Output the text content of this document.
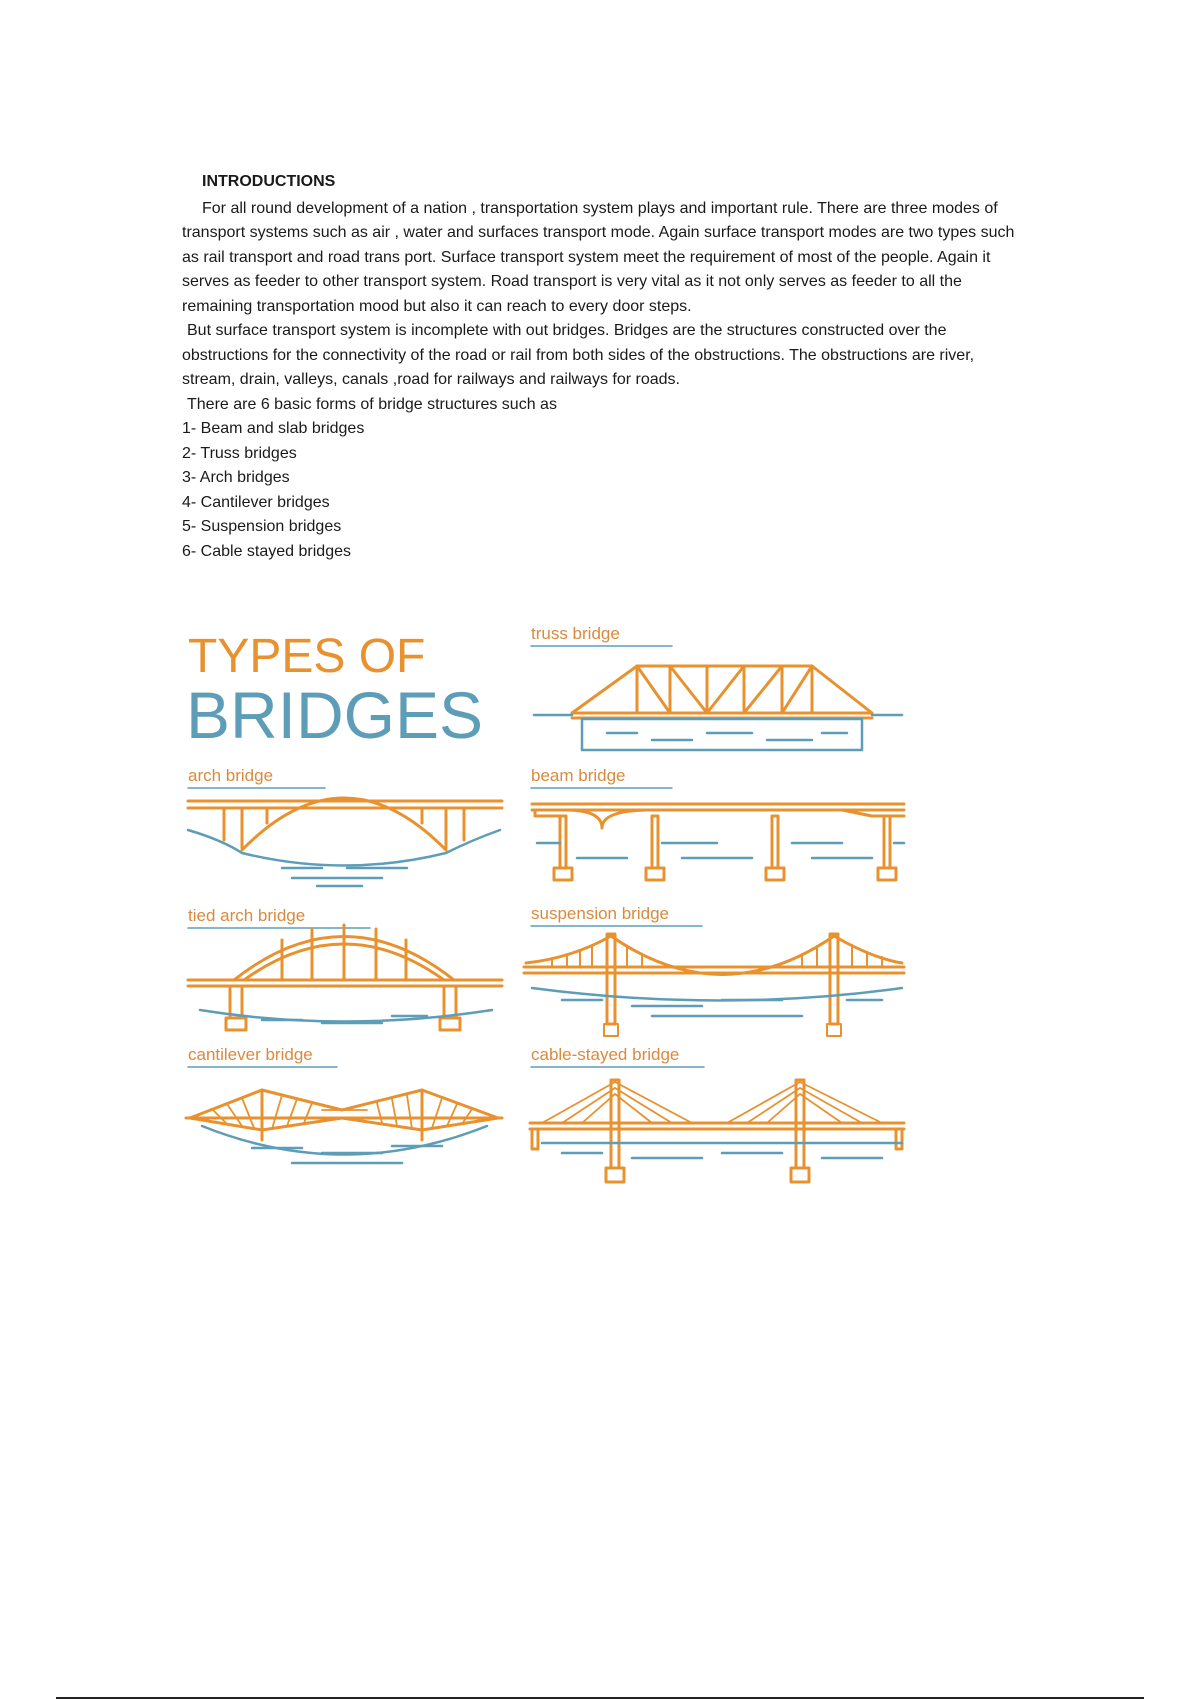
INTRODUCTIONS

For all round development of a nation , transportation system plays and important rule. There are three modes of transport systems such as air , water and surfaces transport mode. Again surface transport modes are two types such as rail transport and road trans port. Surface transport system meet the requirement of most of the people. Again it serves as feeder to other transport system. Road transport is very vital as it not only serves as feeder to all the remaining transportation mood but also it can reach to every door steps.

But surface transport system is incomplete with out bridges. Bridges are the structures constructed over the obstructions for the connectivity of the road or rail from both sides of the obstructions. The obstructions are river, stream, drain, valleys, canals ,road for railways and railways for roads.

There are 6 basic forms of bridge structures such as

1- Beam and slab bridges
2- Truss bridges
3- Arch bridges
4- Cantilever bridges
5- Suspension bridges
6- Cable stayed bridges
TYPES OF
BRIDGES
truss bridge
arch bridge	beam bridge
tied arch bridge	suspension bridge
cantilever bridge	cable-stayed bridge
